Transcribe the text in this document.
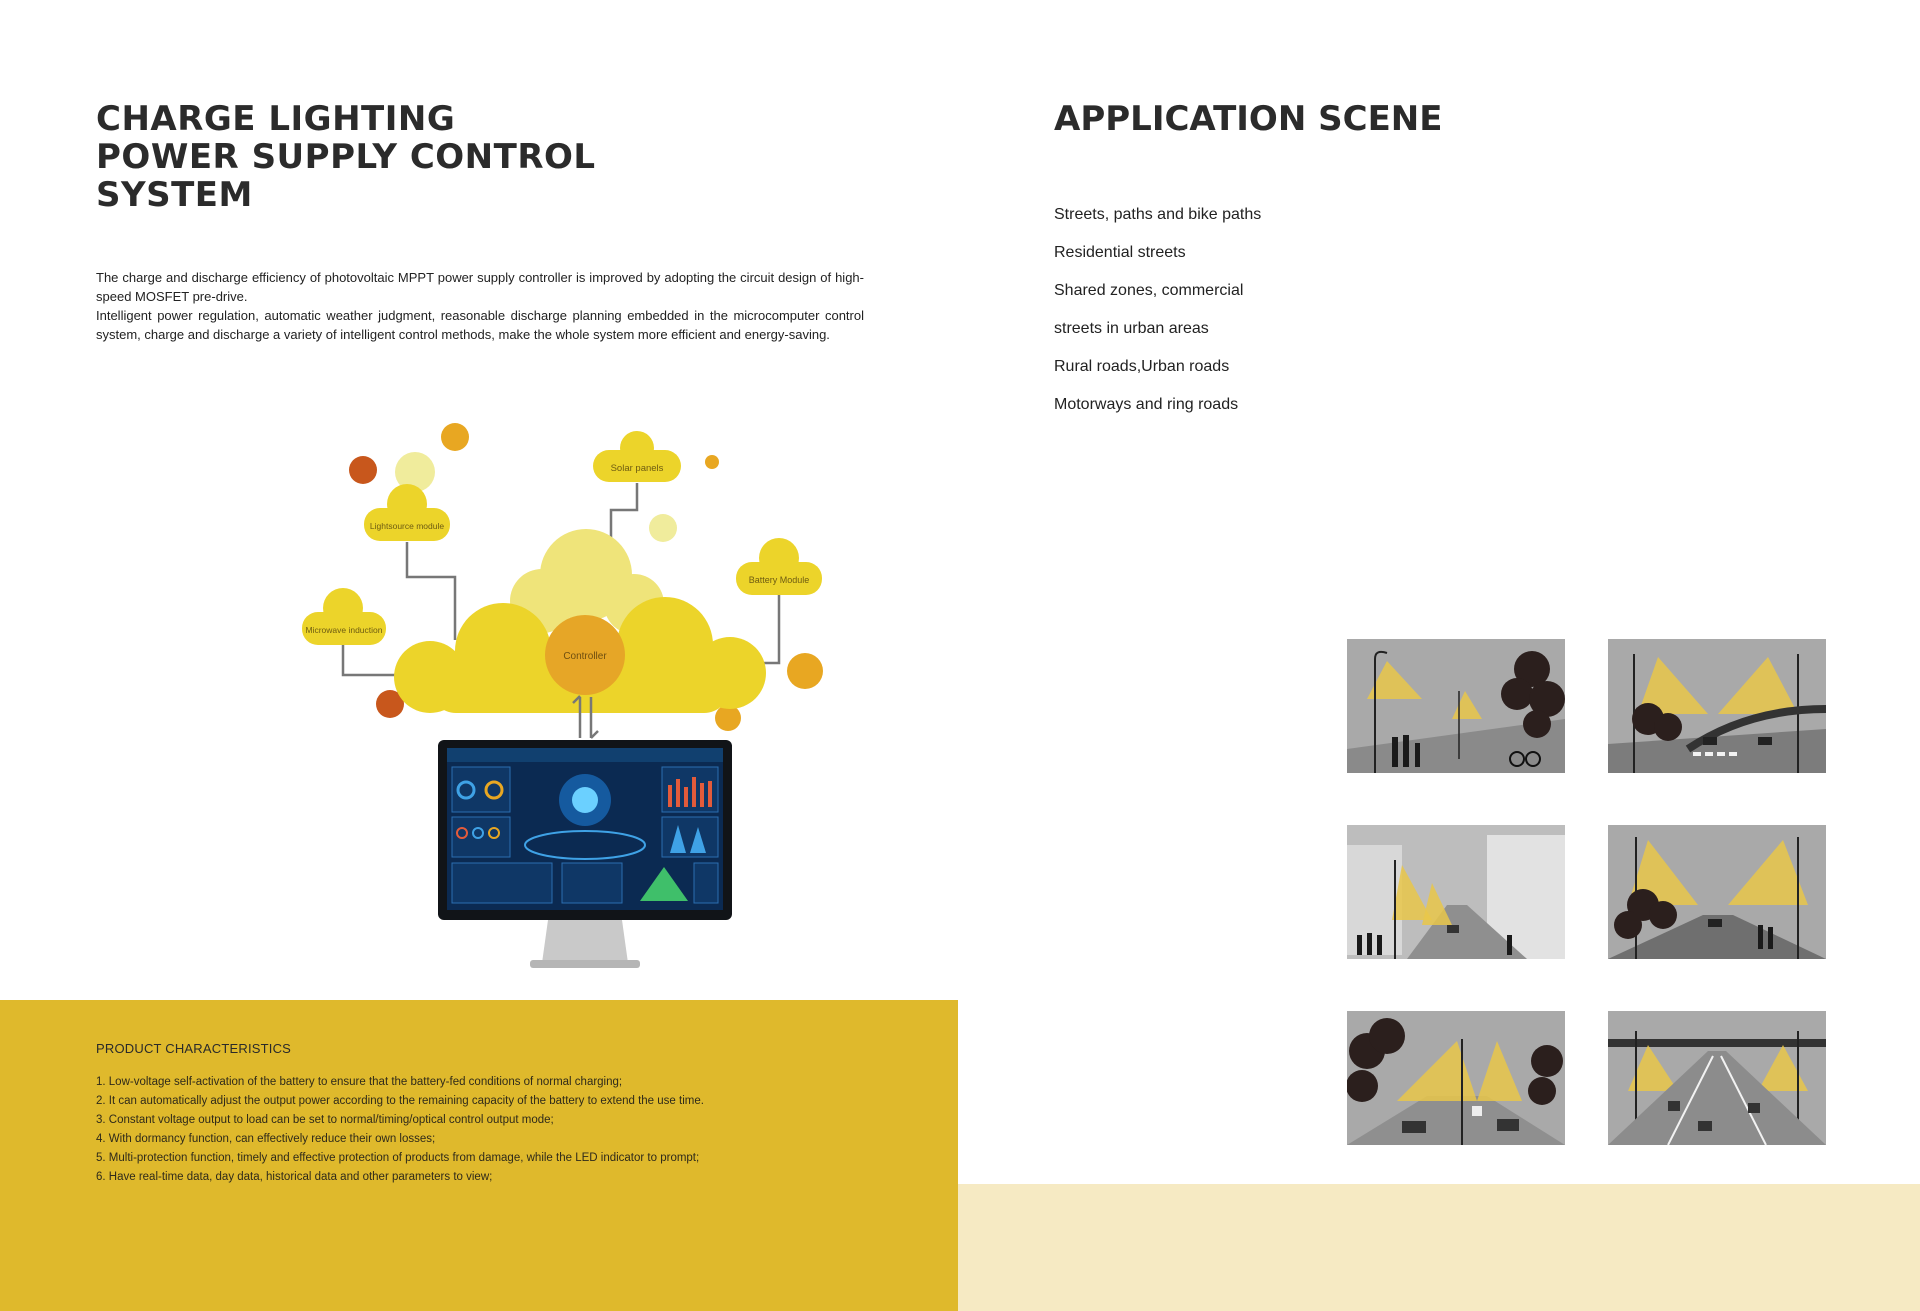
CHARGE LIGHTING
POWER SUPPLY CONTROL
SYSTEM

The charge and discharge efficiency of photovoltaic MPPT power supply controller is improved by adopting the circuit design of high-speed MOSFET pre-drive.

Intelligent power regulation, automatic weather judgment, reasonable discharge planning embedded in the microcomputer control system, charge and discharge a variety of intelligent control methods, make the whole system more efficient and energy-saving.

Controller
Solar panels
Lightsource module
Battery Module
Microwave induction
PRODUCT CHARACTERISTICS
1. Low-voltage self-activation of the battery to ensure that the battery-fed conditions of normal charging;
2. It can automatically adjust the output power according to the remaining capacity of the battery to extend the use time.
3. Constant voltage output to load can be set to normal/timing/optical control output mode;
4. With dormancy function, can effectively reduce their own losses;
5. Multi-protection function, timely and effective protection of products from damage, while the LED indicator to prompt;
6. Have real-time data, day data, historical data and other parameters to view;
APPLICATION SCENE
Streets, paths and bike paths
Residential streets
Shared zones, commercial
streets in urban areas
Rural roads,Urban roads
Motorways and ring roads
